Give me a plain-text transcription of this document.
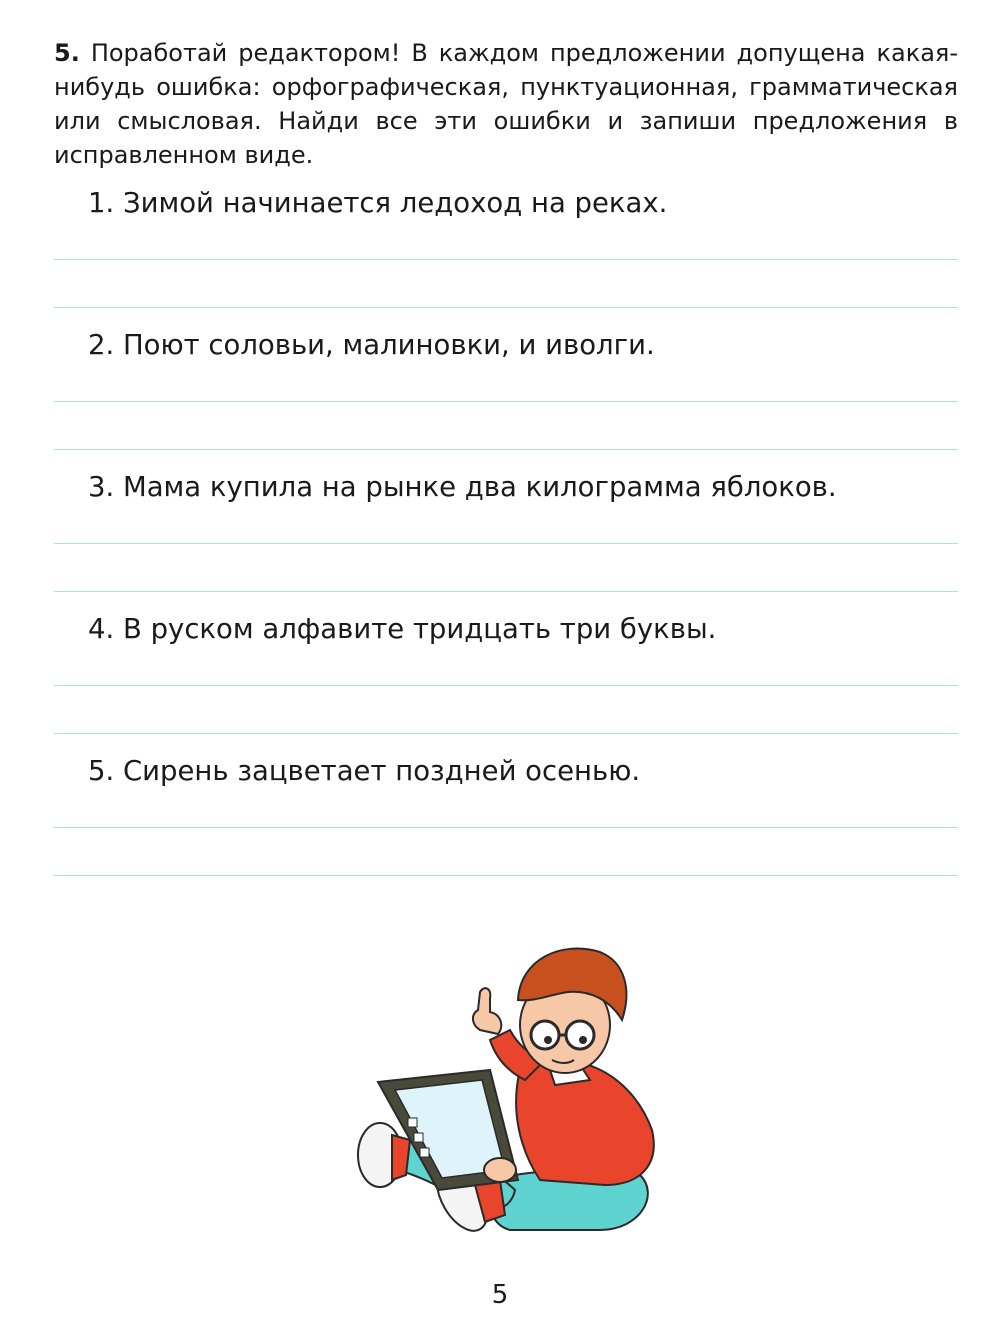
5. Поработай редактором! В каждом предложении допущена какая-нибудь ошибка: орфографическая, пунктуационная, грамматическая или смысловая. Найди все эти ошибки и запиши предложения в исправленном виде.
1. Зимой начинается ледоход на реках.
2. Поют соловьи, малиновки, и иволги.
3. Мама купила на рынке два килограмма яблоков.
4. В руском алфавите тридцать три буквы.
5. Сирень зацветает поздней осенью.
5
